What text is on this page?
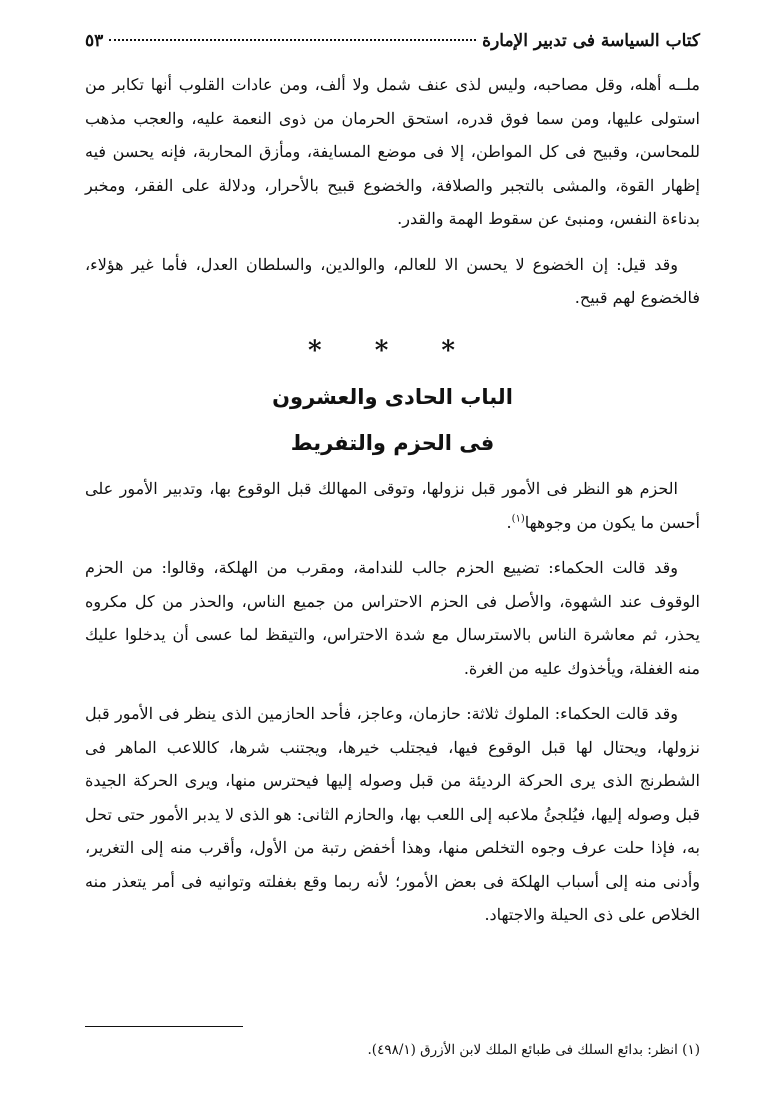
كتاب السياسة فى تدبير الإمارة
٥٣

ملــه أهله، وقل مصاحبه، وليس لذى عنف شمل ولا ألف، ومن عادات القلوب أنها تكابر من استولى عليها، ومن سما فوق قدره، استحق الحرمان من ذوى النعمة عليه، والعجب مذهب للمحاسن، وقبيح فى كل المواطن، إلا فى موضع المسايفة، ومأزق المحاربة، فإنه يحسن فيه إظهار القوة، والمشى بالتجبر والصلافة، والخضوع قبيح بالأحرار، ودلالة على الفقر، ومخبر بدناءة النفس، ومنبئ عن سقوط الهمة والقدر.

وقد قيل: إن الخضوع لا يحسن الا للعالم، والوالدين، والسلطان العدل، فأما غير هؤلاء، فالخضوع لهم قبيح.

* * *
الباب الحادى والعشرون
فى الحزم والتفريط

الحزم هو النظر فى الأمور قبل نزولها، وتوقى المهالك قبل الوقوع بها، وتدبير الأمور على أحسن ما يكون من وجوهها$^{(١)}$.

وقد قالت الحكماء: تضييع الحزم جالب للندامة، ومقرب من الهلكة، وقالوا: من الحزم الوقوف عند الشهوة، والأصل فى الحزم الاحتراس من جميع الناس، والحذر من كل مكروه يحذر، ثم معاشرة الناس بالاسترسال مع شدة الاحتراس، والتيقظ لما عسى أن يدخلوا عليك منه الغفلة، ويأخذوك عليه من الغرة.

وقد قالت الحكماء: الملوك ثلاثة: حازمان، وعاجز، فأحد الحازمين الذى ينظر فى الأمور قبل نزولها، ويحتال لها قبل الوقوع فيها، فيجتلب خيرها، ويجتنب شرها، كاللاعب الماهر فى الشطرنج الذى يرى الحركة الرديئة من قبل وصوله إليها فيحترس منها، ويرى الحركة الجيدة قبل وصوله إليها، فيُلجئُ ملاعبه إلى اللعب بها، والحازم الثانى: هو الذى لا يدبر الأمور حتى تحل به، فإذا حلت عرف وجوه التخلص منها، وهذا أخفض رتبة من الأول، وأقرب منه إلى التغرير، وأدنى منه إلى أسباب الهلكة فى بعض الأمور؛ لأنه ربما وقع بغفلته وتوانيه فى أمر يتعذر منه الخلاص على ذى الحيلة والاجتهاد.

(١) انظر: بدائع السلك فى طبائع الملك لابن الأزرق (٤٩٨/١).
